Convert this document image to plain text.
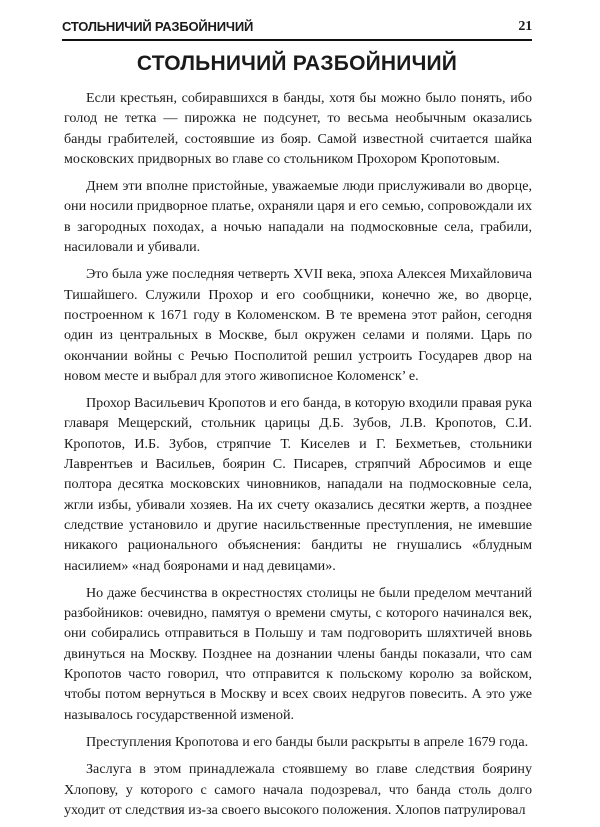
СТОЛЬНИЧИЙ РАЗБОЙНИЧИЙ	21
СТОЛЬНИЧИЙ РАЗБОЙНИЧИЙ

Если крестьян, собиравшихся в банды, хотя бы можно было понять, ибо голод не тетка — пирожка не подсунет, то весьма необычным оказались банды грабителей, состоявшие из бояр. Самой известной считается шайка московских придворных во главе со стольником Прохором Кропотовым.

Днем эти вполне пристойные, уважаемые люди прислуживали во дворце, они носили придворное платье, охраняли царя и его семью, сопровождали их в загородных походах, а ночью нападали на подмосковные села, грабили, насиловали и убивали.

Это была уже последняя четверть XVII века, эпоха Алексея Михайловича Тишайшего. Служили Прохор и его сообщники, конечно же, во дворце, построенном к 1671 году в Коломенском. В те времена этот район, сегодня один из центральных в Москве, был окружен селами и полями. Царь по окончании войны с Речью Посполитой решил устроить Государев двор на новом месте и выбрал для этого живописное Коломенск’ е.

Прохор Васильевич Кропотов и его банда, в которую входили правая рука главаря Мещерский, стольник царицы Д.Б. Зубов, Л.В. Кропотов, С.И. Кропотов, И.Б. Зубов, стряпчие Т. Киселев и Г. Бехметьев, стольники Лаврентьев и Васильев, боярин С. Писарев, стряпчий Абросимов и еще полтора десятка московских чиновников, нападали на подмосковные села, жгли избы, убивали хозяев. На их счету оказались десятки жертв, а позднее следствие установило и другие насильственные преступления, не имевшие никакого рационального объяснения: бандиты не гнушались «блудным насилием» «над бояронами и над девицами».

Но даже бесчинства в окрестностях столицы не были пределом мечтаний разбойников: очевидно, памятуя о времени смуты, с которого начинался век, они собирались отправиться в Польшу и там подговорить шляхтичей вновь двинуться на Москву. Позднее на дознании члены банды показали, что сам Кропотов часто говорил, что отправится к польскому королю за войском, чтобы потом вернуться в Москву и всех своих недругов повесить. А это уже называлось государственной изменой.

Преступления Кропотова и его банды были раскрыты в апреле 1679 года.

Заслуга в этом принадлежала стоявшему во главе следствия боярину Хлопову, у которого с самого начала подозревал, что банда столь долго уходит от следствия из-за своего высокого положения. Хлопов патрулировал
